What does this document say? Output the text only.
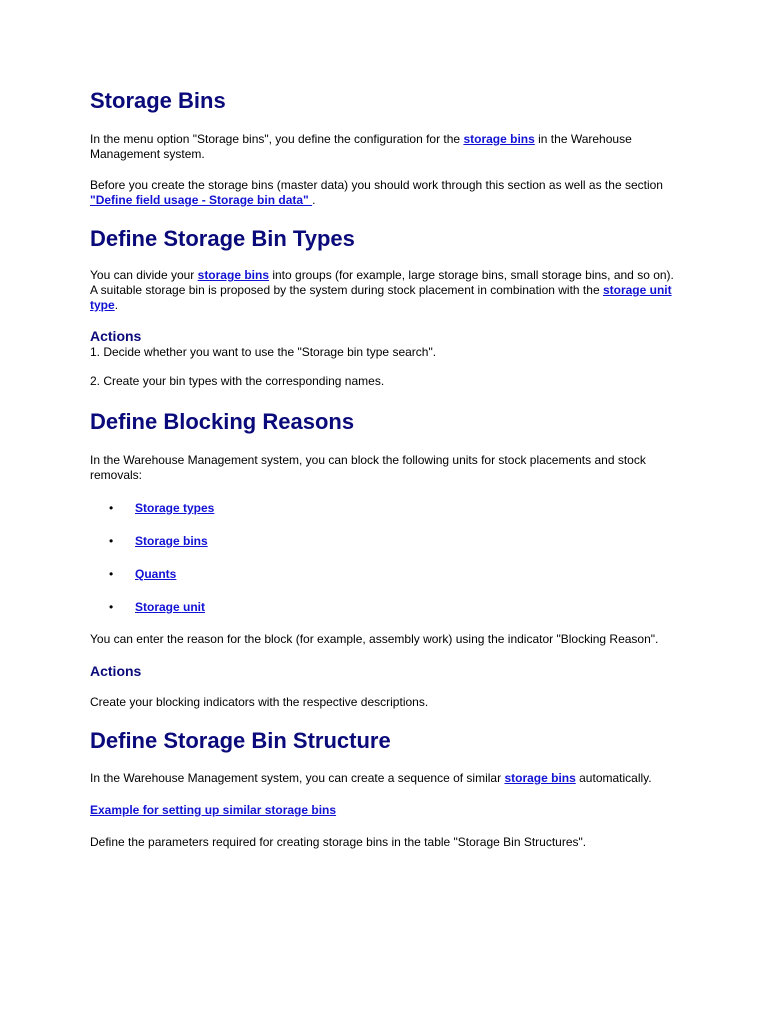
Storage Bins

In the menu option "Storage bins", you define the configuration for the storage bins in the Warehouse Management system.

Before you create the storage bins (master data) you should work through this section as well as the section "Define field usage - Storage bin data" .

Define Storage Bin Types

You can divide your storage bins into groups (for example, large storage bins, small storage bins, and so on). A suitable storage bin is proposed by the system during stock placement in combination with the storage unit type.

Actions

1. Decide whether you want to use the "Storage bin type search".

2. Create your bin types with the corresponding names.

Define Blocking Reasons

In the Warehouse Management system, you can block the following units for stock placements and stock removals:

• Storage types
• Storage bins
• Quants
• Storage unit

You can enter the reason for the block (for example, assembly work) using the indicator "Blocking Reason".

Actions

Create your blocking indicators with the respective descriptions.

Define Storage Bin Structure

In the Warehouse Management system, you can create a sequence of similar storage bins automatically.

Example for setting up similar storage bins

Define the parameters required for creating storage bins in the table "Storage Bin Structures".
